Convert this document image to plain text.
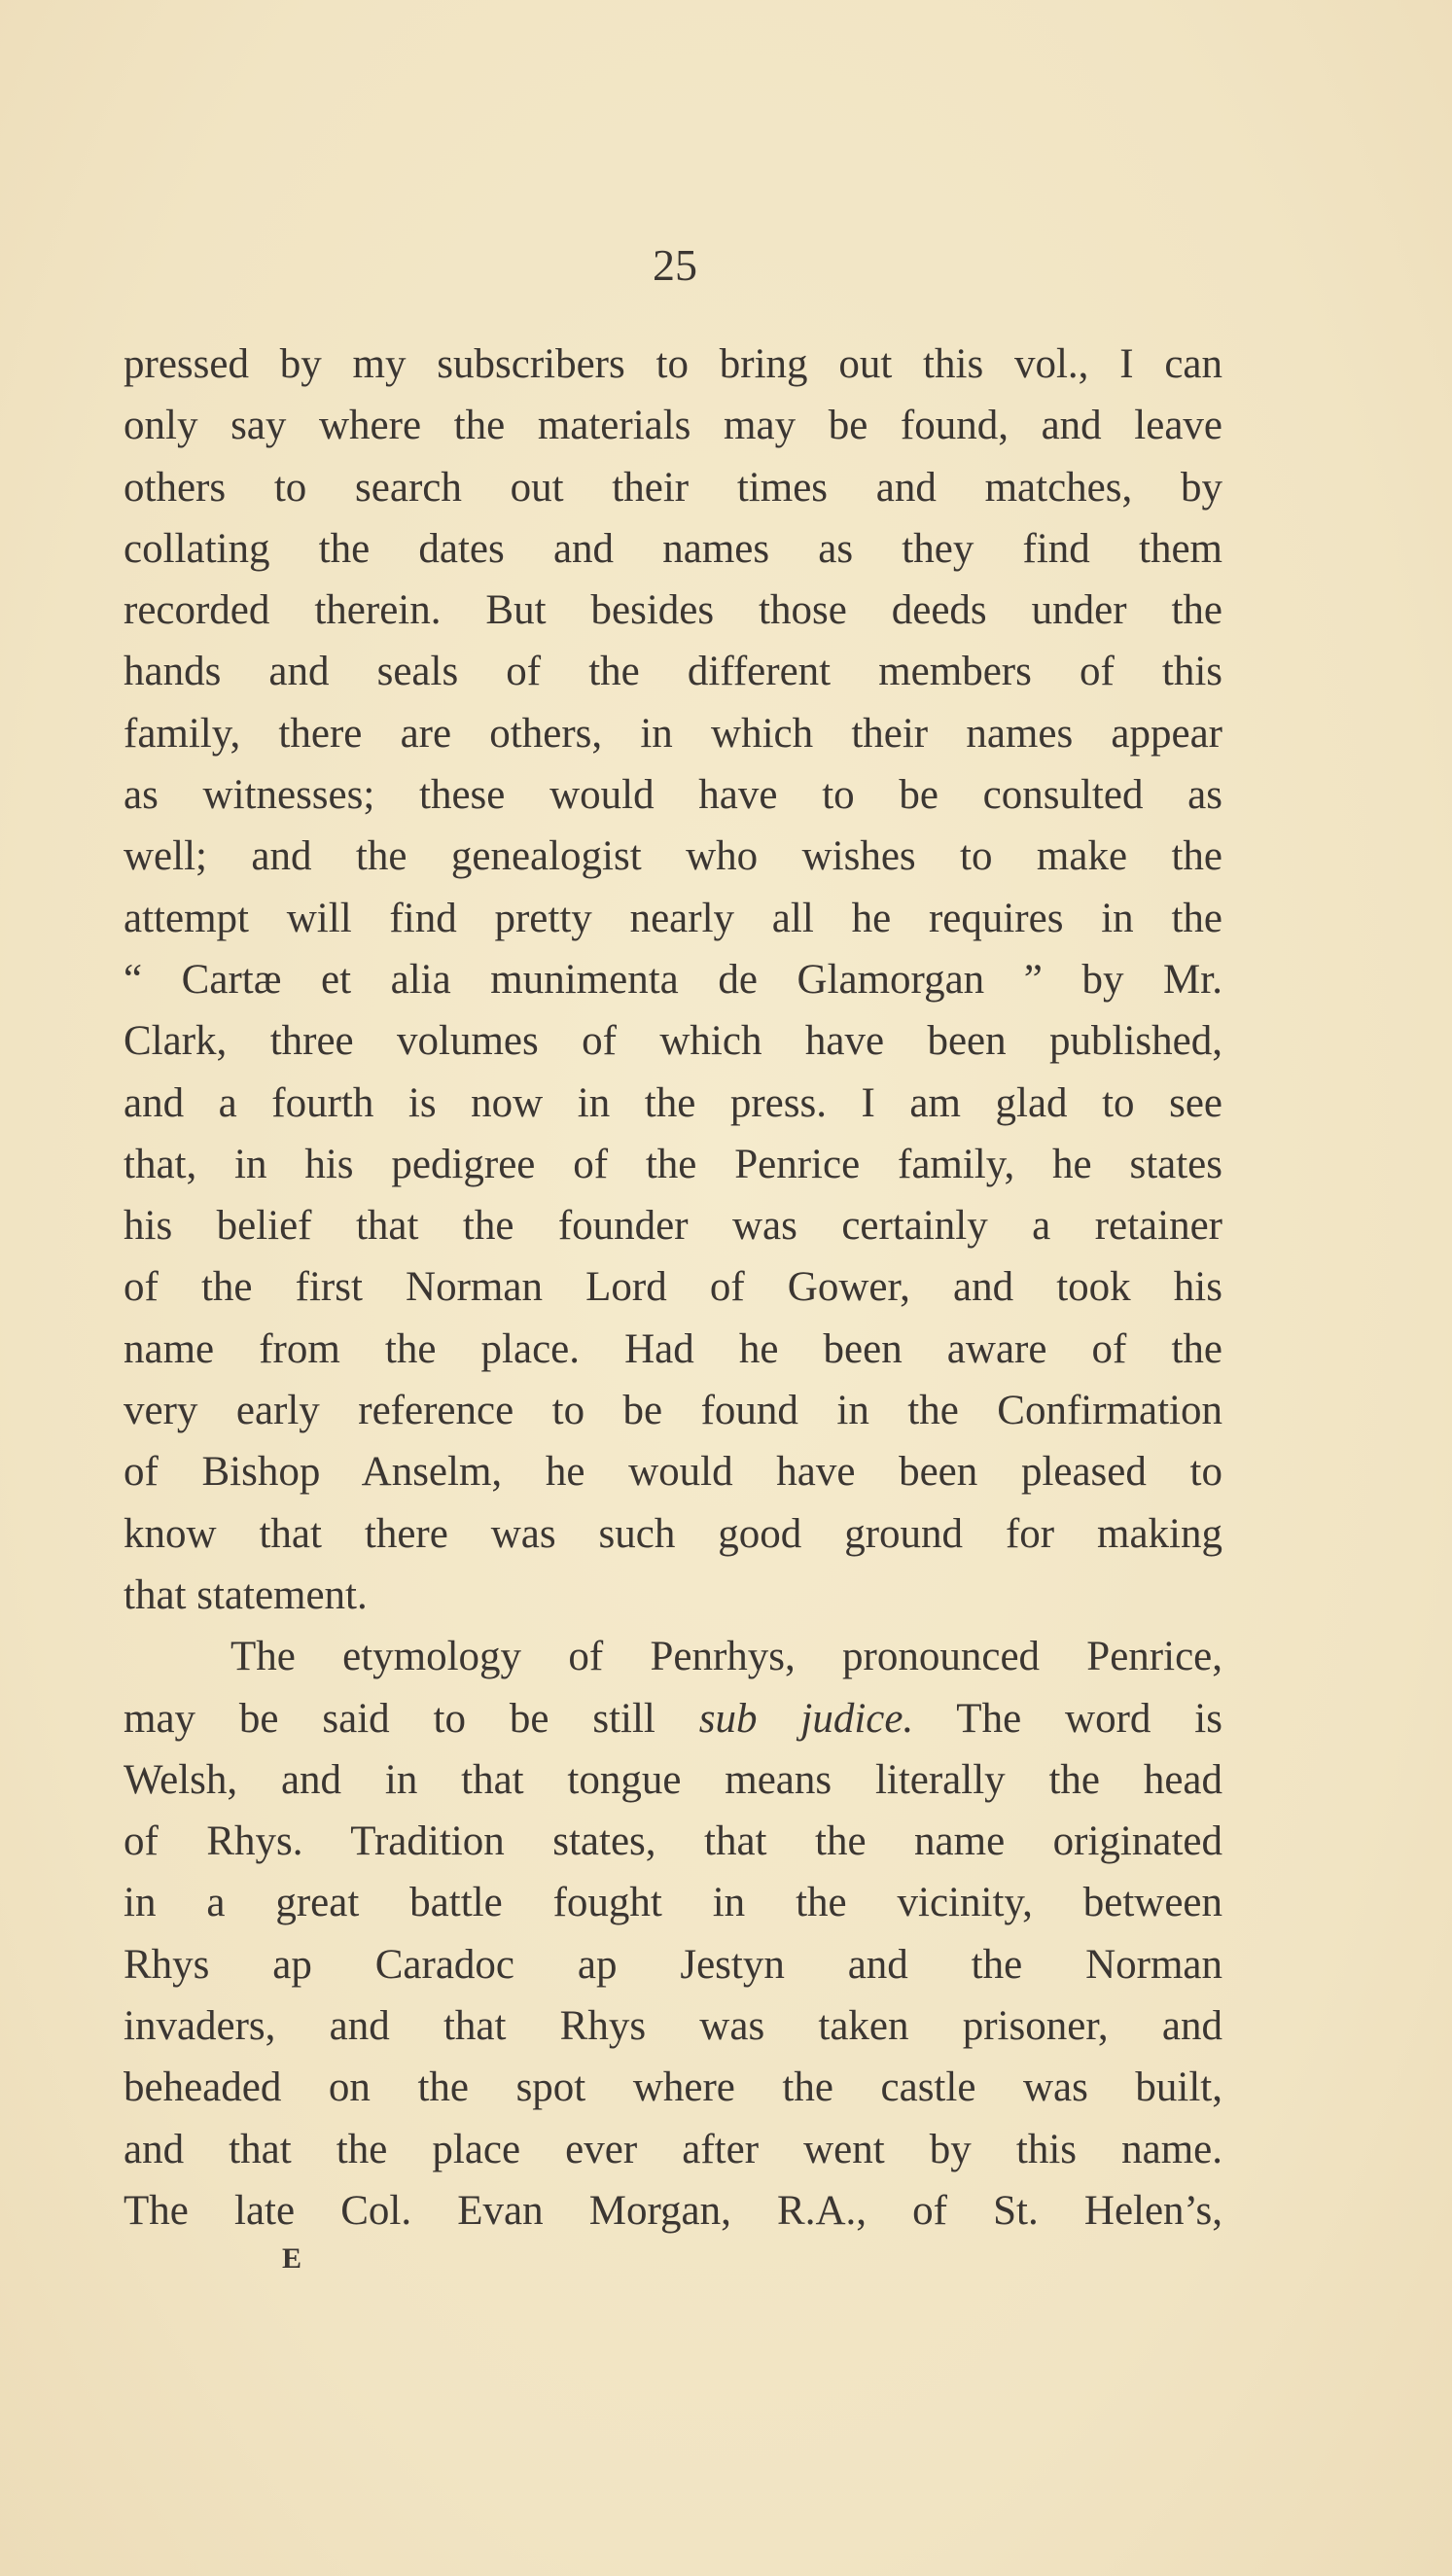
25
pressed by my subscribers to bring out this vol., I can
only say where the materials may be found, and leave
others to search out their times and matches, by
collating the dates and names as they find them
recorded therein. But besides those deeds under the
hands and seals of the different members of this
family, there are others, in which their names appear
as witnesses; these would have to be consulted as
well; and the genealogist who wishes to make the
attempt will find pretty nearly all he requires in the
“ Cartæ et alia munimenta de Glamorgan ” by Mr.
Clark, three volumes of which have been published,
and a fourth is now in the press. I am glad to see
that, in his pedigree of the Penrice family, he states
his belief that the founder was certainly a retainer
of the first Norman Lord of Gower, and took his
name from the place. Had he been aware of the
very early reference to be found in the Confirmation
of Bishop Anselm, he would have been pleased to
know that there was such good ground for making
that statement.
The etymology of Penrhys, pronounced Penrice,
may be said to be still sub judice. The word is
Welsh, and in that tongue means literally the head
of Rhys. Tradition states, that the name originated
in a great battle fought in the vicinity, between
Rhys ap Caradoc ap Jestyn and the Norman
invaders, and that Rhys was taken prisoner, and
beheaded on the spot where the castle was built,
and that the place ever after went by this name.
The late Col. Evan Morgan, R.A., of St. Helen’s,
E
